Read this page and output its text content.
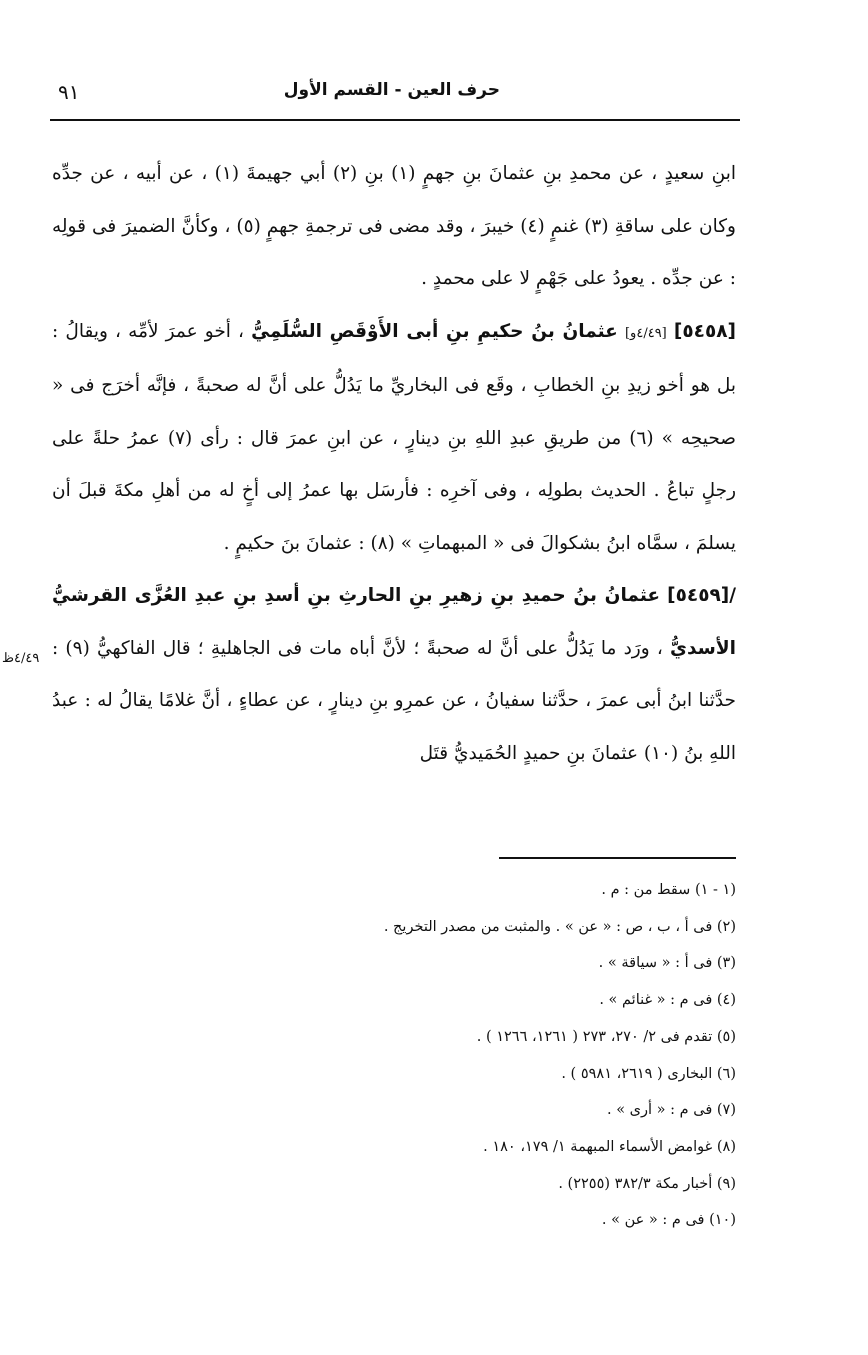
حرف العين - القسم الأول
٩١

ابنِ سعيدٍ ، عن محمدِ بنِ عثمانَ بنِ جهمٍ (١) بنِ (٢) أبي جهيمةَ (١) ، عن أبيه ، عن جدِّه وكان على ساقةِ (٣) غنمٍ (٤) خيبرَ ، وقد مضى فى ترجمةِ جهمٍ (٥) ، وكأنَّ الضميرَ فى قولِه : عن جدِّه . يعودُ على جَهْمٍ لا على محمدٍ .

[٥٤٥٨] [٤/٤٩و] عثمانُ بنُ حكيمِ بنِ أبى الأَوْقَصِ السُّلَمِيُّ ، أخو عمرَ لأمِّه ، ويقالُ : بل هو أخو زيدِ بنِ الخطابِ ، وقَع فى البخاريِّ ما يَدُلُّ على أنَّ له صحبةً ، فإنَّه أخرَج فى « صحيحِه » (٦) من طريقِ عبدِ اللهِ بنِ دينارٍ ، عن ابنِ عمرَ قال : رأى (٧) عمرُ حلةً على رجلٍ تباعُ . الحديث بطولِه ، وفى آخرِه : فأرسَل بها عمرُ إلى أخٍ له من أهلِ مكةَ قبلَ أن يسلمَ ، سمَّاه ابنُ بشكوالَ فى « المبهماتِ » (٨) : عثمانَ بنَ حكيمٍ .

/[٥٤٥٩] عثمانُ بنُ حميدِ بنِ زهيرِ بنِ الحارثِ بنِ أسدِ بنِ عبدِ العُزَّى القرشيُّ الأسديُّ ، ورَد ما يَدُلُّ على أنَّ له صحبةً ؛ لأنَّ أباه مات فى الجاهليةِ ؛ قال الفاكهيُّ (٩) : حدَّثنا ابنُ أبى عمرَ ، حدَّثنا سفيانُ ، عن عمرِو بنِ دينارٍ ، عن عطاءٍ ، أنَّ غلامًا يقالُ له : عبدُ اللهِ بنُ (١٠) عثمانَ بنِ حميدٍ الحُمَيديُّ قتَل

٤/٤٩ظ
(١ - ١) سقط من : م .
(٢) فى أ ، ب ، ص : « عن » . والمثبت من مصدر التخريج .
(٣) فى أ : « سياقة » .
(٤) فى م : « غنائم » .
(٥) تقدم فى ٢/ ٢٧٠، ٢٧٣ ( ١٢٦١، ١٢٦٦ ) .
(٦) البخارى ( ٢٦١٩، ٥٩٨١ ) .
(٧) فى م : « أرى » .
(٨) غوامض الأسماء المبهمة ١/ ١٧٩، ١٨٠ .
(٩) أخبار مكة ٣٨٢/٣ (٢٢٥٥) .
(١٠) فى م : « عن » .
